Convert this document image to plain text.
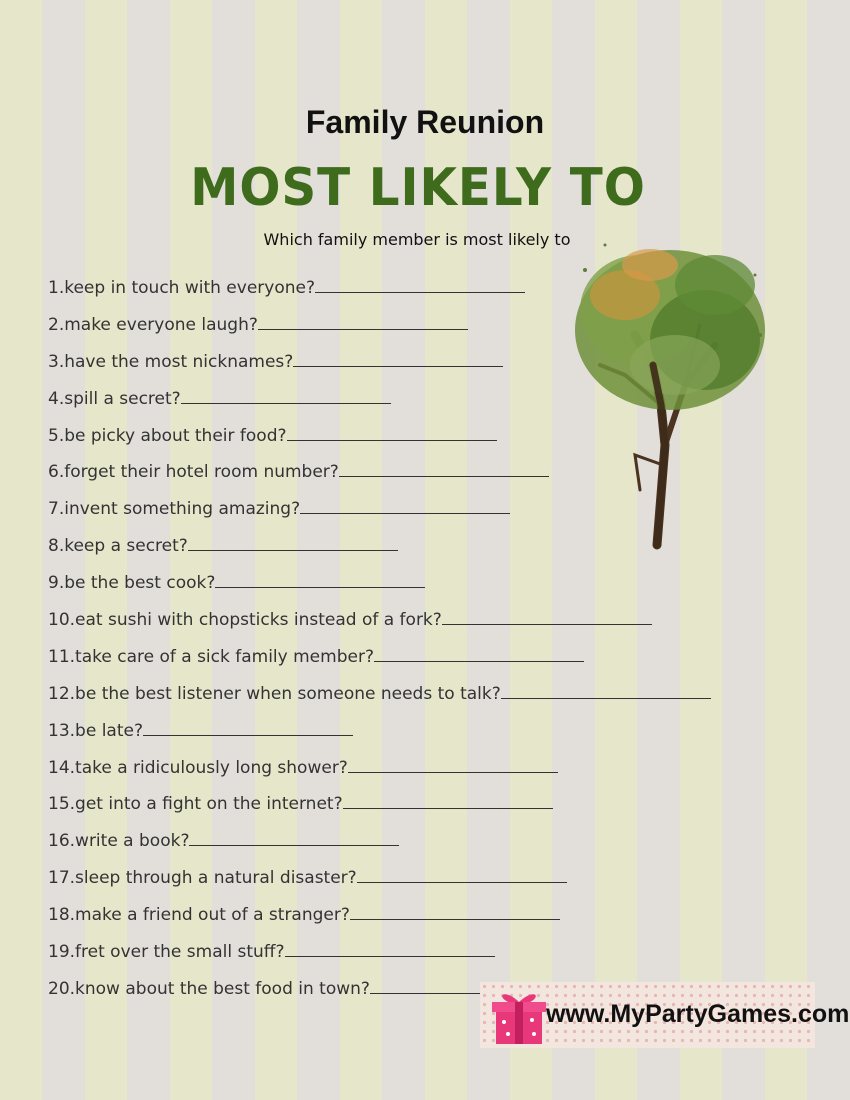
Family Reunion
MOST LIKELY TO
Which family member is most likely to
1.keep in touch with everyone?
2.make everyone laugh?
3.have the most nicknames?
4.spill a secret?
5.be picky about their food?
6.forget their hotel room number?
7.invent something amazing?
8.keep a secret?
9.be the best cook?
10.eat sushi with chopsticks instead of a fork?
11.take care of a sick family member?
12.be the best listener when someone needs to talk?
13.be late?
14.take a ridiculously long shower?
15.get into a fight on the internet?
16.write a book?
17.sleep through a natural disaster?
18.make a friend out of a stranger?
19.fret over the small stuff?
20.know about the best food in town?
www.MyPartyGames.com
